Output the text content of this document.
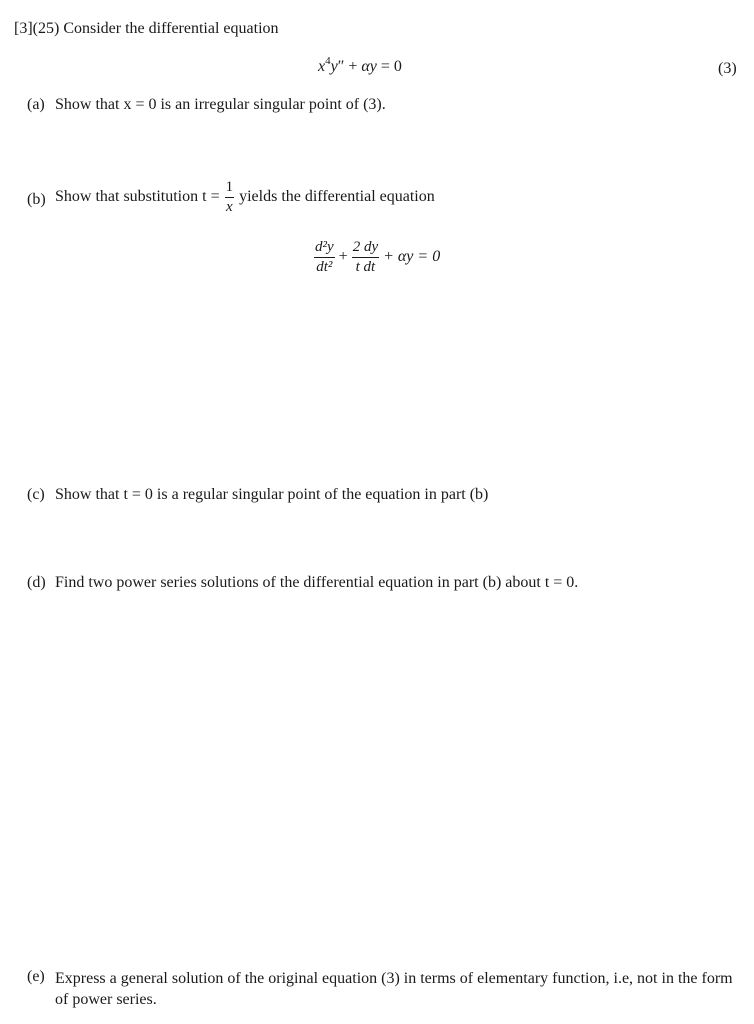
[3](25) Consider the differential equation
$x^4y'' + \alpha y = 0$	(3)
(a) Show that x = 0 is an irregular singular point of (3).
(b) Show that substitution $t = \frac{1}{x}$ yields the differential equation
$\frac{\text{d²y}}{\text{dt²}} + \frac{2 dy}{\text{t dt}} + \alpha y = 0$
(c) Show that t = 0 is a regular singular point of the equation in part (b)
(d) Find two power series solutions of the differential equation in part (b) about t = 0.
(e) Express a general solution of the original equation (3) in terms of elementary function, i.e, not in the form of power series.
